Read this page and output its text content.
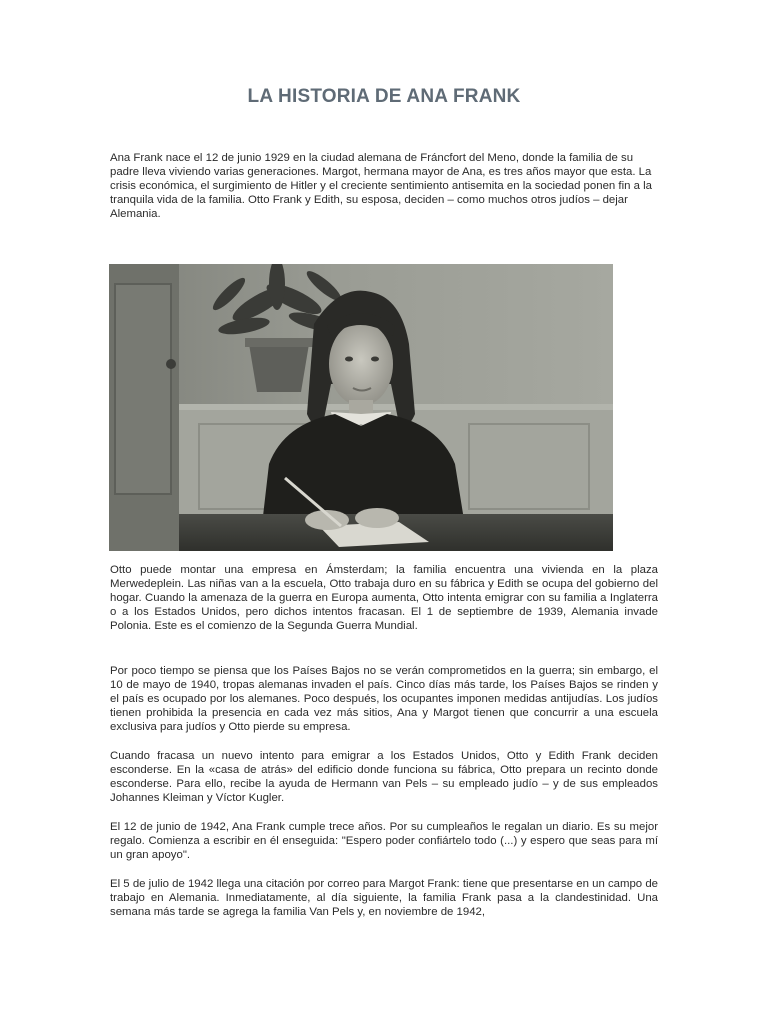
LA HISTORIA DE ANA FRANK

Ana Frank nace el 12 de junio 1929 en la ciudad alemana de Fráncfort del Meno, donde la familia de su padre lleva viviendo varias generaciones. Margot, hermana mayor de Ana, es tres años mayor que esta. La crisis económica, el surgimiento de Hitler y el creciente sentimiento antisemita en la sociedad ponen fin a la tranquila vida de la familia. Otto Frank y Edith, su esposa, deciden – como muchos otros judíos – dejar Alemania.

Otto puede montar una empresa en Ámsterdam; la familia encuentra una vivienda en la plaza Merwedeplein. Las niñas van a la escuela, Otto trabaja duro en su fábrica y Edith se ocupa del gobierno del hogar. Cuando la amenaza de la guerra en Europa aumenta, Otto intenta emigrar con su familia a Inglaterra o a los Estados Unidos, pero dichos intentos fracasan. El 1 de septiembre de 1939, Alemania invade Polonia. Este es el comienzo de la Segunda Guerra Mundial.

Por poco tiempo se piensa que los Países Bajos no se verán comprometidos en la guerra; sin embargo, el 10 de mayo de 1940, tropas alemanas invaden el país. Cinco días más tarde, los Países Bajos se rinden y el país es ocupado por los alemanes. Poco después, los ocupantes imponen medidas antijudías. Los judíos tienen prohibida la presencia en cada vez más sitios, Ana y Margot tienen que concurrir a una escuela exclusiva para judíos y Otto pierde su empresa.

Cuando fracasa un nuevo intento para emigrar a los Estados Unidos, Otto y Edith Frank deciden esconderse. En la «casa de atrás» del edificio donde funciona su fábrica, Otto prepara un recinto donde esconderse. Para ello, recibe la ayuda de Hermann van Pels – su empleado judío – y de sus empleados Johannes Kleiman y Víctor Kugler.

El 12 de junio de 1942, Ana Frank cumple trece años. Por su cumpleaños le regalan un diario. Es su mejor regalo. Comienza a escribir en él enseguida: "Espero poder confiártelo todo (...) y espero que seas para mí un gran apoyo".

El 5 de julio de 1942 llega una citación por correo para Margot Frank: tiene que presentarse en un campo de trabajo en Alemania. Inmediatamente, al día siguiente, la familia Frank pasa a la clandestinidad. Una semana más tarde se agrega la familia Van Pels y, en noviembre de 1942,
